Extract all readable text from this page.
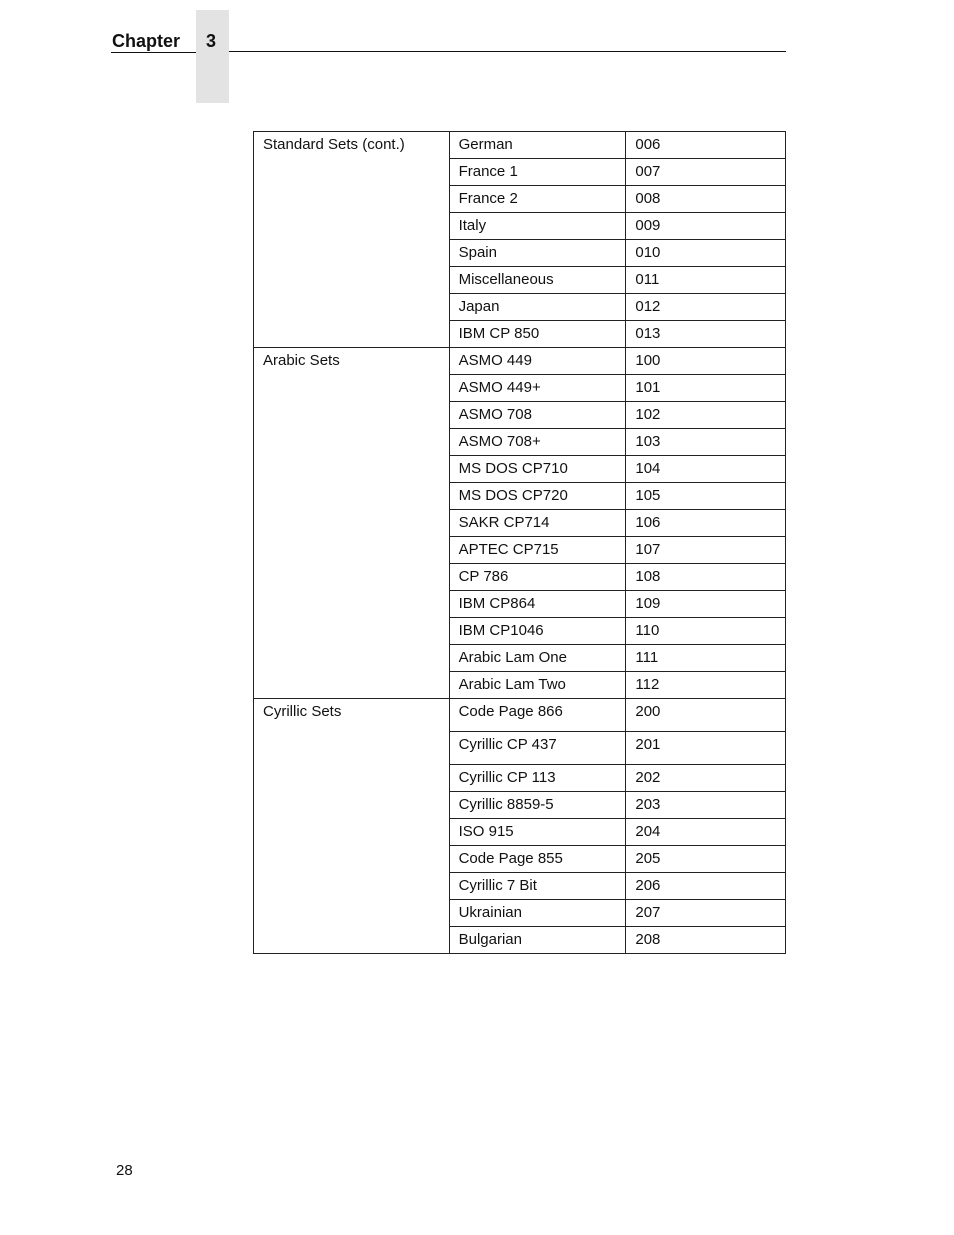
Chapter 3
Standard Sets (cont.)	German	006
	France 1	007
	France 2	008
	Italy	009
	Spain	010
	Miscellaneous	011
	Japan	012
	IBM CP 850	013
Arabic Sets	ASMO 449	100
	ASMO 449+	101
	ASMO 708	102
	ASMO 708+	103
	MS DOS CP710	104
	MS DOS CP720	105
	SAKR CP714	106
	APTEC CP715	107
	CP 786	108
	IBM CP864	109
	IBM CP1046	110
	Arabic Lam One	111
	Arabic Lam Two	112
Cyrillic Sets	Code Page 866	200
	Cyrillic CP 437	201
	Cyrillic CP 113	202
	Cyrillic 8859-5	203
	ISO 915	204
	Code Page 855	205
	Cyrillic 7 Bit	206
	Ukrainian	207
	Bulgarian	208
28
